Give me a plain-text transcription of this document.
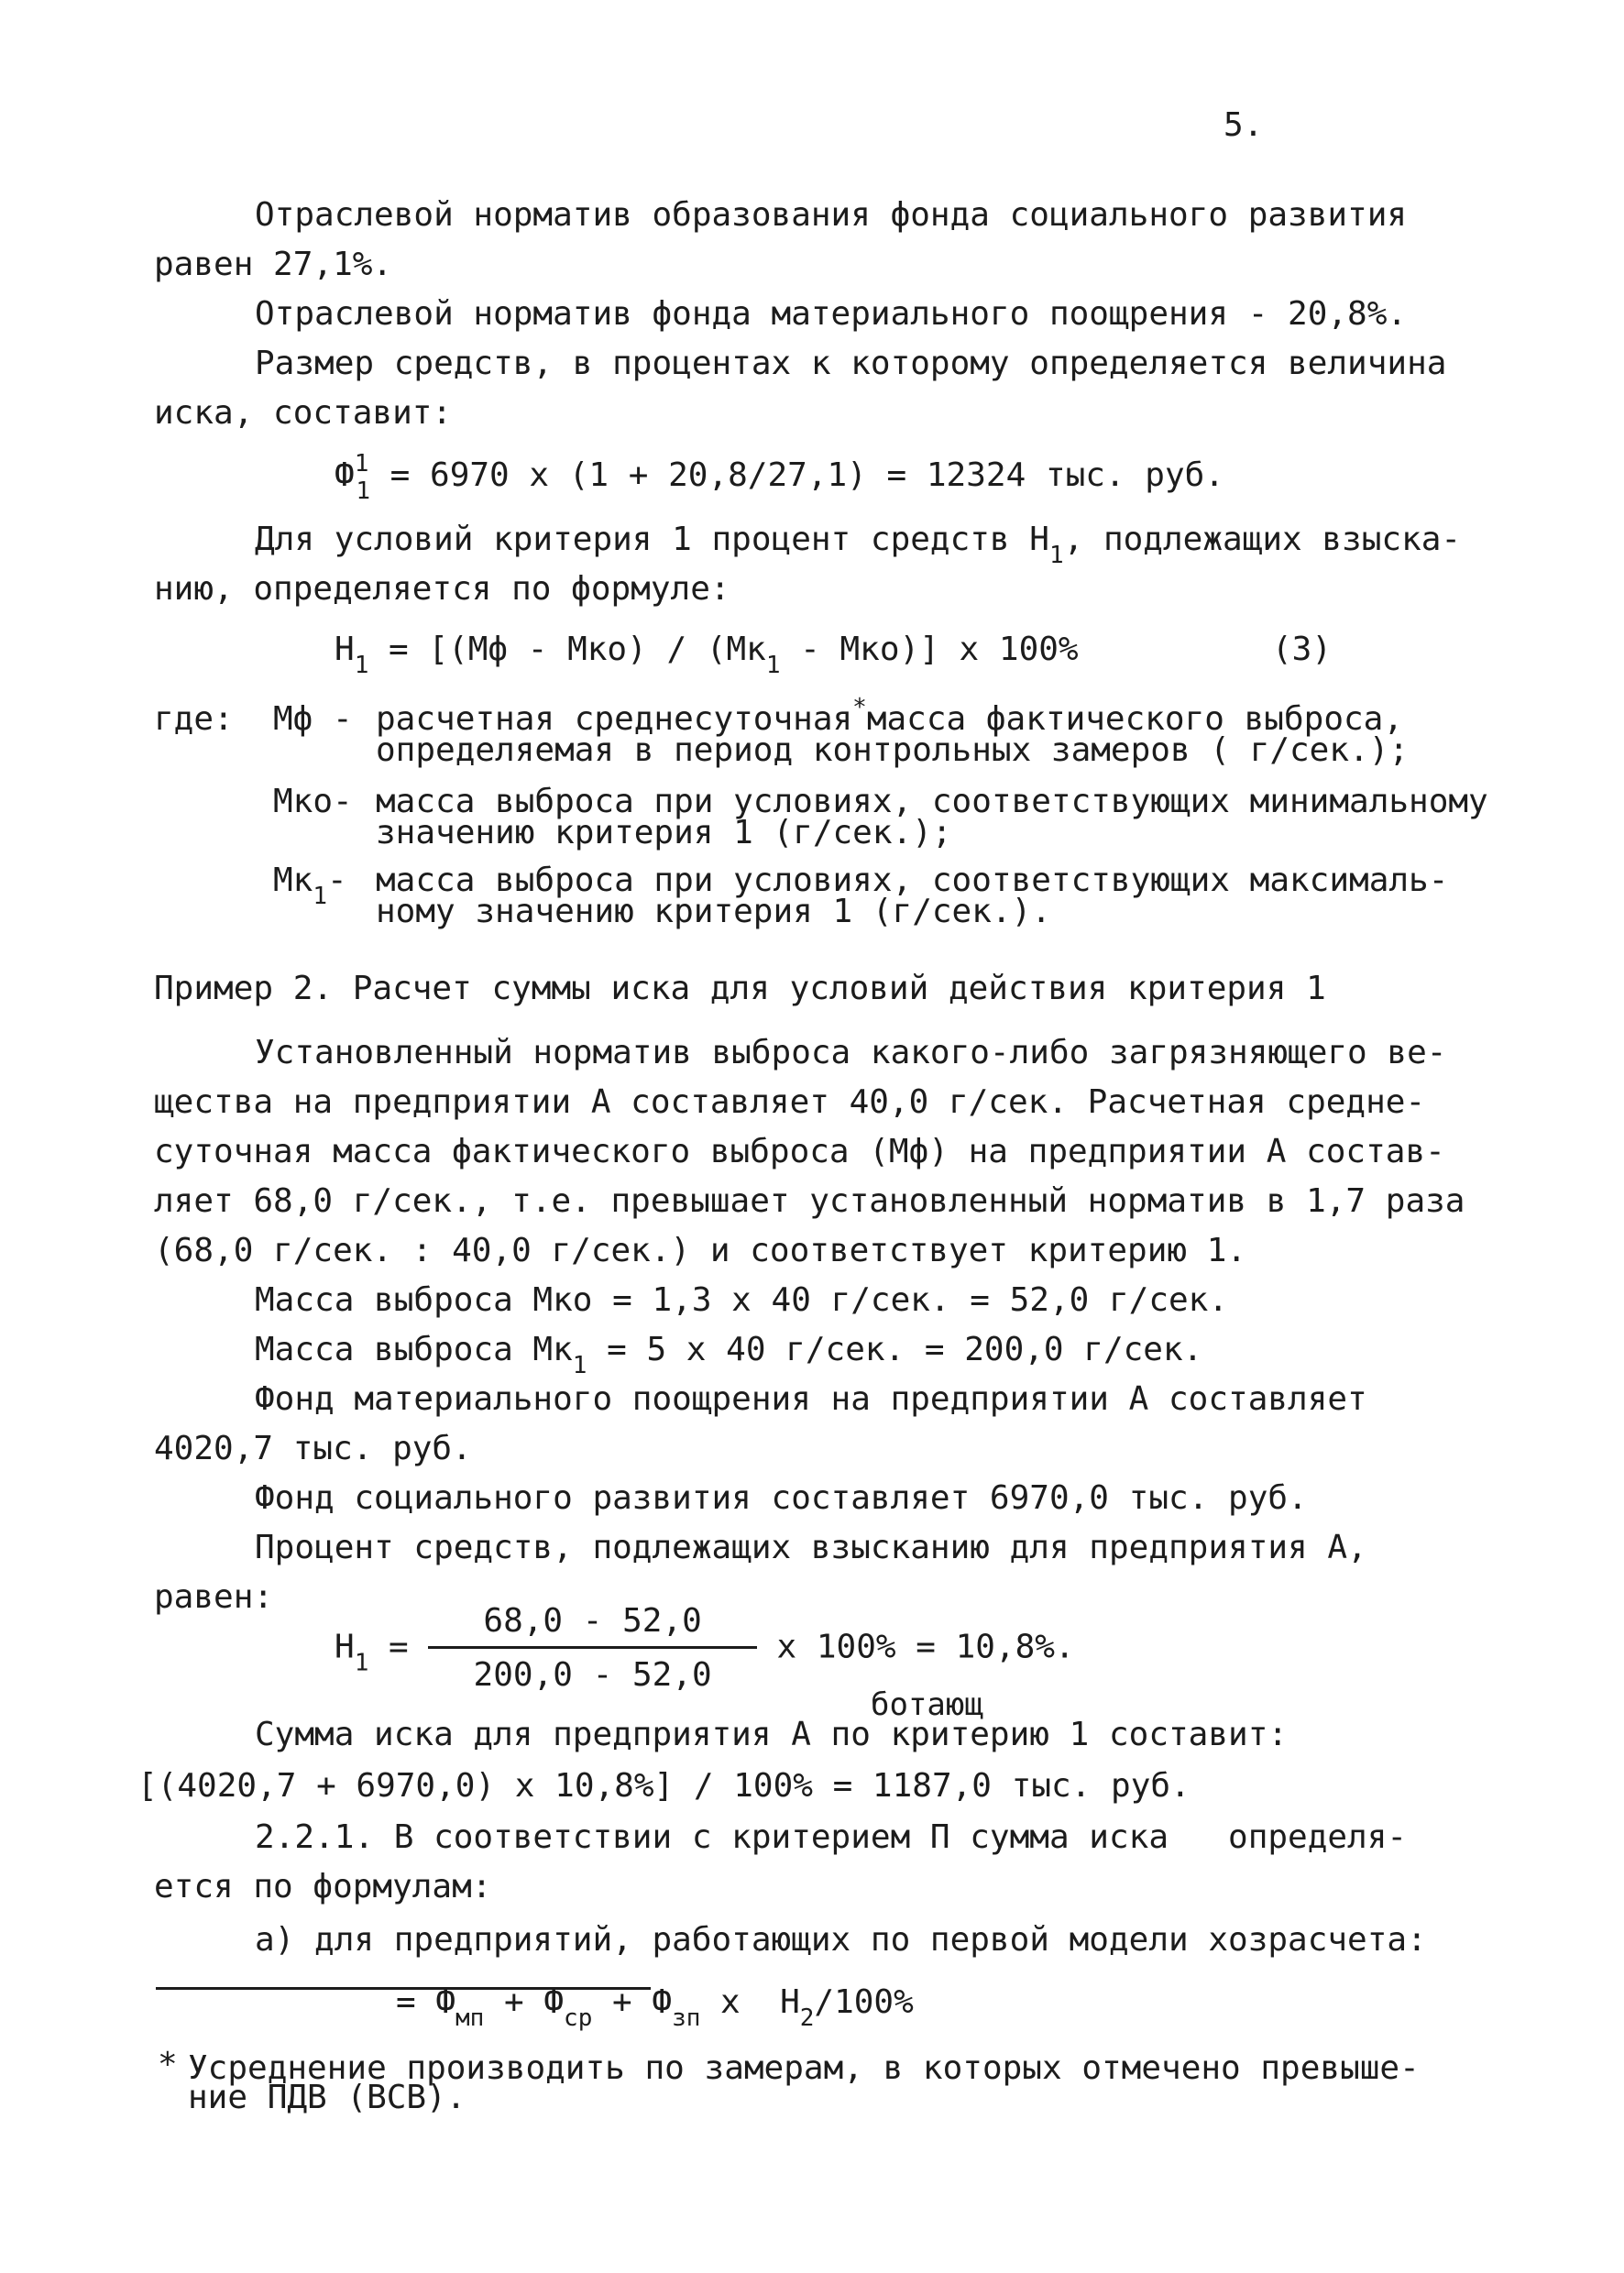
5.
Отраслевой норматив образования фонда социального развития
равен 27,1%.
Отраслевой норматив фонда материального поощрения - 20,8%.
Размер средств, в процентах к которому определяется величина
иска, составит:
$Ф^1_1 = 6970$ х (1 + 20,8/27,1) = 12324 тыс. руб.
Для условий критерия 1 процент средств $Н_1$, подлежащих взыска-
нию, определяется по формуле:
$Н_1 = [(Мф - Мко) / (Мк_1 - Мко)]$ х 100%	(3)
где: Мф - расчетная среднесуточная*масса фактического выброса,
определяемая в период контрольных замеров ( г/сек.);
Мко- масса выброса при условиях, соответствующих минимальному
значению критерия 1 (г/сек.);
$Мк_1-$ масса выброса при условиях, соответствующих максималь-
ному значению критерия 1 (г/сек.).
Пример 2. Расчет суммы иска для условий действия критерия 1
Установленный норматив выброса какого-либо загрязняющего ве-
щества на предприятии А составляет 40,0 г/сек. Расчетная средне-
суточная масса фактического выброса (Мф) на предприятии А состав-
ляет 68,0 г/сек., т.е. превышает установленный норматив в 1,7 раза
(68,0 г/сек. : 40,0 г/сек.) и соответствует критерию 1.
Масса выброса Мко = 1,3 х 40 г/сек. = 52,0 г/сек.
Масса выброса $Мк_1 = 5$ х 40 г/сек. = 200,0 г/сек.
Фонд материального поощрения на предприятии А составляет
4020,7 тыс. руб.
Фонд социального развития составляет 6970,0 тыс. руб.
Процент средств, подлежащих взысканию для предприятия А,
равен:
$Н_1 = \frac{68,0 - 52,0}{200,0 - 52,0}$ х 100% = 10,8%.
ботающ
Сумма иска для предприятия А по критерию 1 составит:
[(4020,7 + 6970,0) х 10,8%] / 100% = 1187,0 тыс. руб.
2.2.1. В соответствии с критерием П сумма иска   определя-
ется по формулам:
а) для предприятий, работающих по первой модели хозрасчета:
= $Ф_{мп} + Ф_{ср} + Ф_{зп}$ х  $Н_2/100\%$
* Усреднение производить по замерам, в которых отмечено превыше-
ние ПДВ (ВСВ).
